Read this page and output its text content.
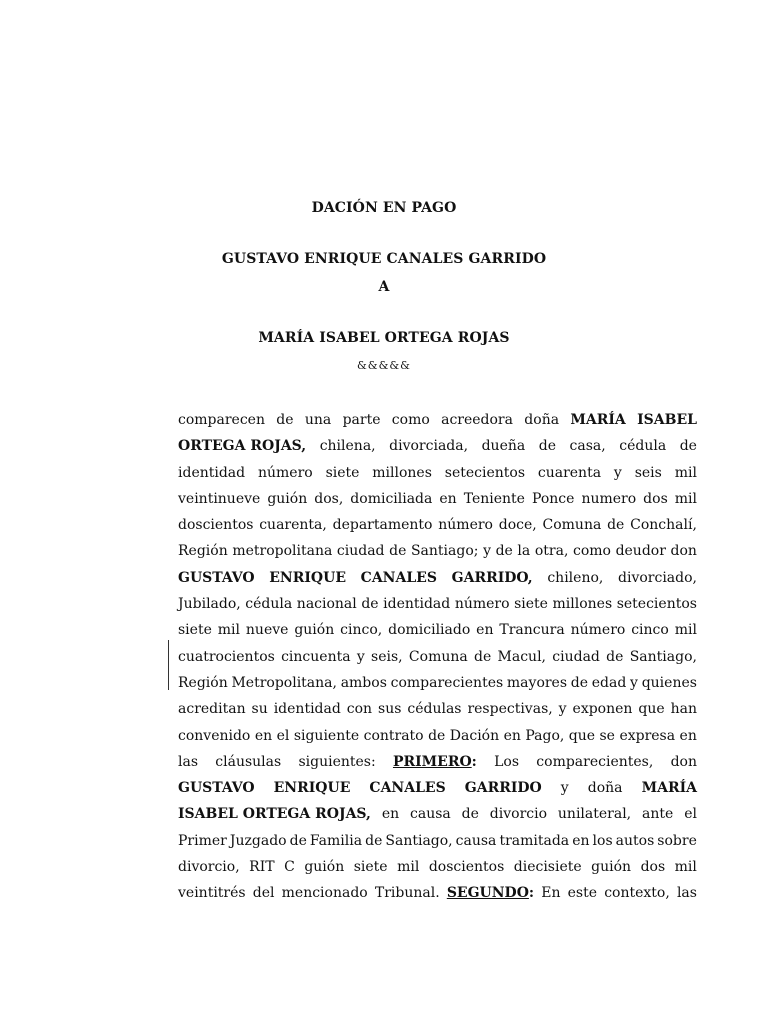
DACIÓN EN PAGO
GUSTAVO ENRIQUE CANALES GARRIDO
A
MARÍA ISABEL ORTEGA ROJAS
&&&&&
comparecen de una parte como acreedora doña MARÍA ISABEL
ORTEGA ROJAS, chilena, divorciada, dueña de casa, cédula de
identidad número siete millones setecientos cuarenta y seis mil
veintinueve guión dos, domiciliada en Teniente Ponce numero dos mil
doscientos cuarenta, departamento número doce, Comuna de Conchalí,
Región metropolitana ciudad de Santiago; y de la otra, como deudor don
GUSTAVO ENRIQUE CANALES GARRIDO, chileno, divorciado,
Jubilado, cédula nacional de identidad número siete millones setecientos
siete mil nueve guión cinco, domiciliado en Trancura número cinco mil
cuatrocientos cincuenta y seis, Comuna de Macul, ciudad de Santiago,
Región Metropolitana, ambos comparecientes mayores de edad y quienes
acreditan su identidad con sus cédulas respectivas, y exponen que han
convenido en el siguiente contrato de Dación en Pago, que se expresa en
las cláusulas siguientes: PRIMERO: Los comparecientes, don
GUSTAVO ENRIQUE CANALES GARRIDO y doña MARÍA
ISABEL ORTEGA ROJAS, en causa de divorcio unilateral, ante el
Primer Juzgado de Familia de Santiago, causa tramitada en los autos sobre
divorcio, RIT C guión siete mil doscientos diecisiete guión dos mil
veintitrés del mencionado Tribunal. SEGUNDO: En este contexto, las
